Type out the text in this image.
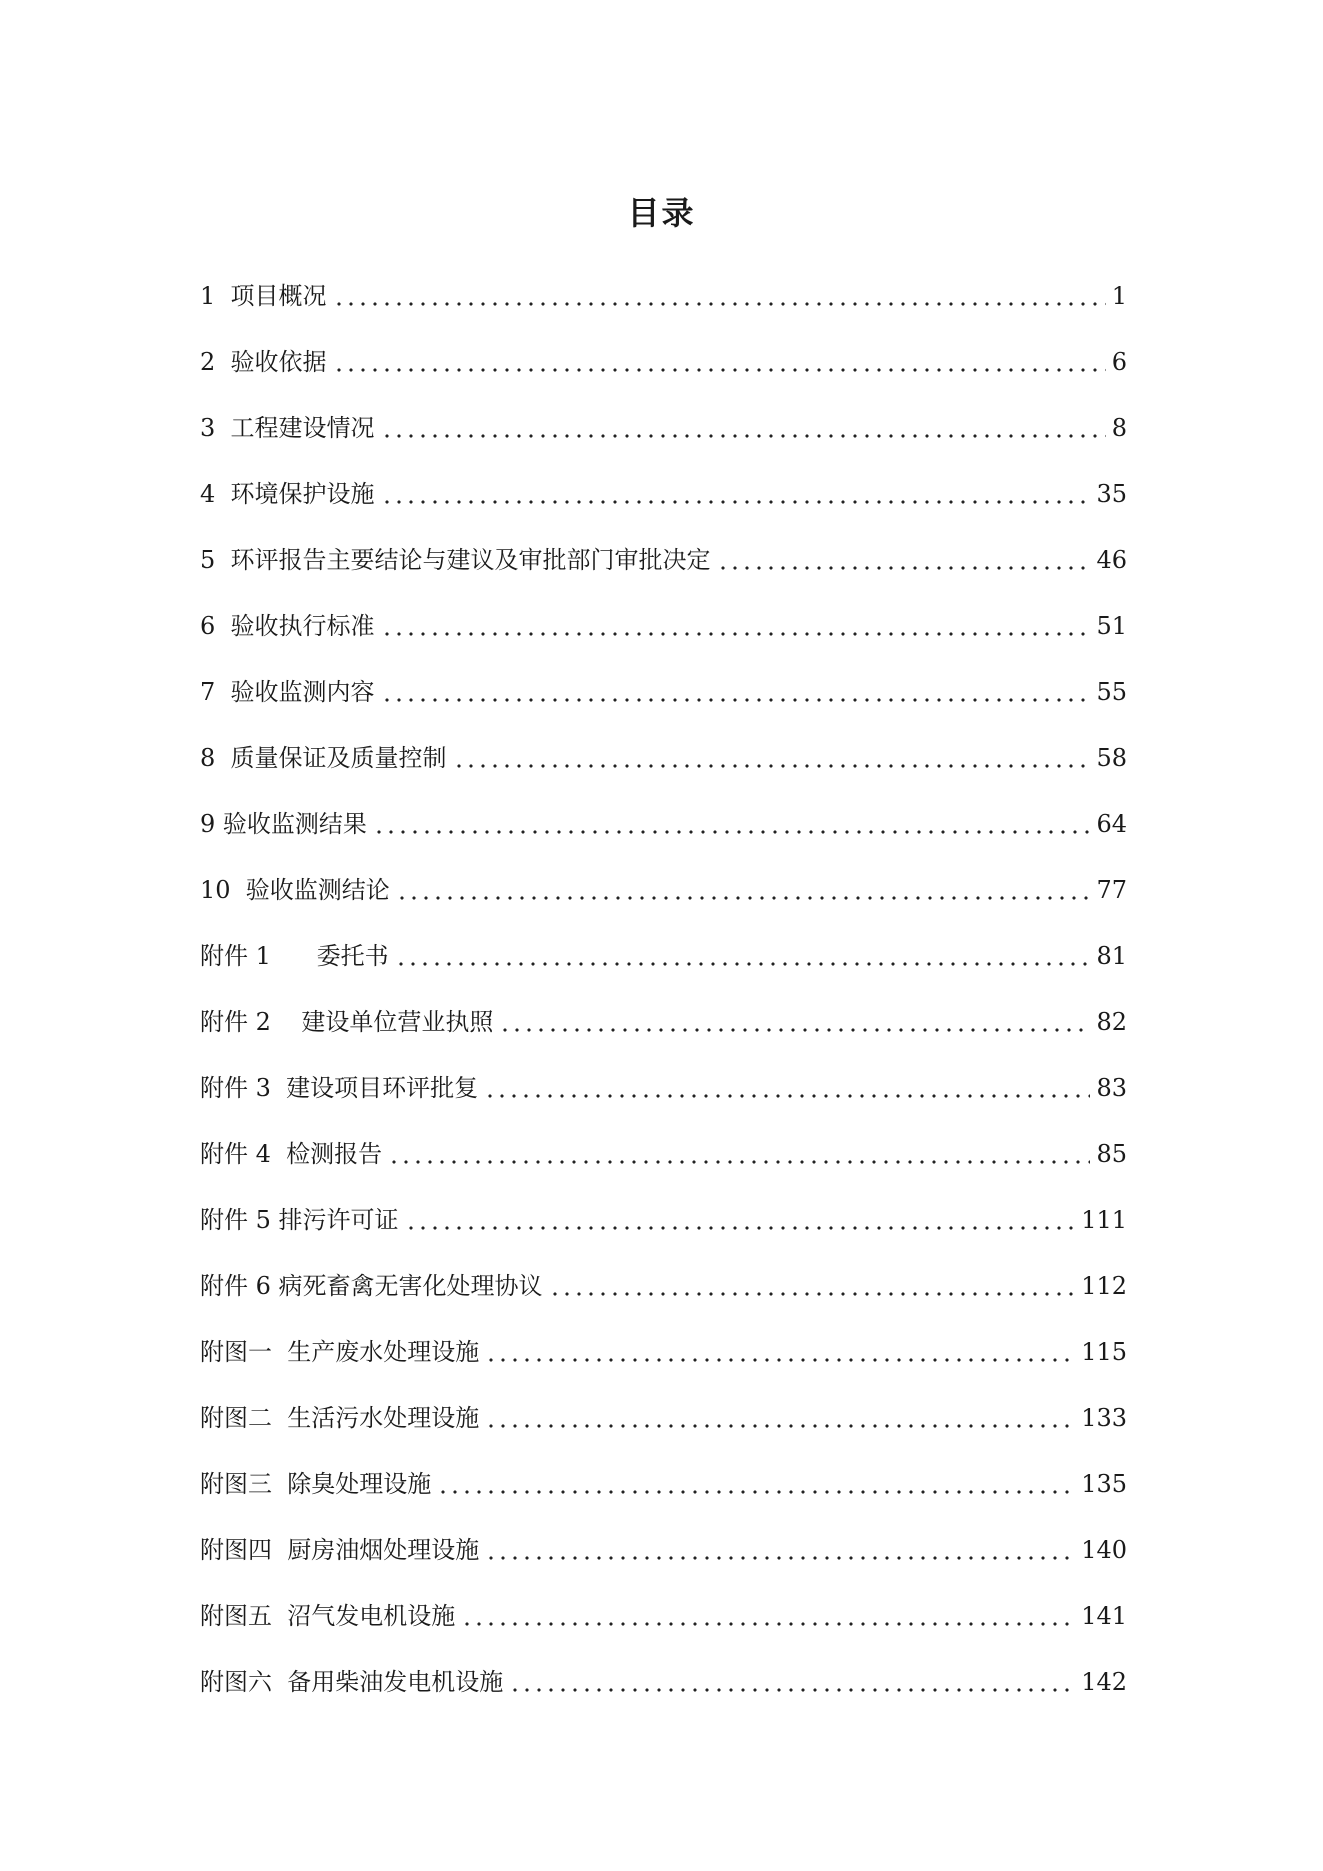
目录
1  项目概况	1
2  验收依据	6
3  工程建设情况	8
4  环境保护设施	35
5  环评报告主要结论与建议及审批部门审批决定	46
6  验收执行标准	51
7  验收监测内容	55
8  质量保证及质量控制	58
9 验收监测结果	64
10  验收监测结论	77
附件 1      委托书	81
附件 2    建设单位营业执照	82
附件 3  建设项目环评批复	83
附件 4  检测报告	85
附件 5 排污许可证	111
附件 6 病死畜禽无害化处理协议	112
附图一  生产废水处理设施	115
附图二  生活污水处理设施	133
附图三  除臭处理设施	135
附图四  厨房油烟处理设施	140
附图五  沼气发电机设施	141
附图六  备用柴油发电机设施	142
